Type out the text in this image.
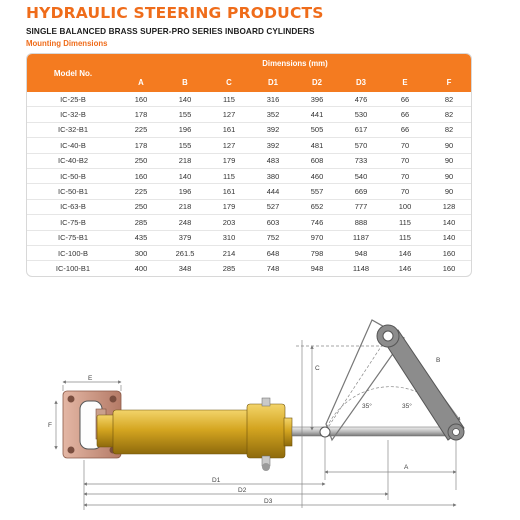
HYDRAULIC STEERING PRODUCTS
SINGLE BALANCED BRASS SUPER-PRO SERIES INBOARD CYLINDERS
Mounting Dimensions
Model No.	Dimensions (mm)							
	A	B	C	D1	D2	D3	E	F
IC-25-B	160	140	115	316	396	476	66	82
IC-32-B	178	155	127	352	441	530	66	82
IC-32-B1	225	196	161	392	505	617	66	82
IC-40-B	178	155	127	392	481	570	70	90
IC-40-B2	250	218	179	483	608	733	70	90
IC-50-B	160	140	115	380	460	540	70	90
IC-50-B1	225	196	161	444	557	669	70	90
IC-63-B	250	218	179	527	652	777	100	128
IC-75-B	285	248	203	603	746	888	115	140
IC-75-B1	435	379	310	752	970	1187	115	140
IC-100-B	300	261.5	214	648	798	948	146	160
IC-100-B1	400	348	285	748	948	1148	146	160
E
F
C
B
A
D1
D2
D3
35°	35°
